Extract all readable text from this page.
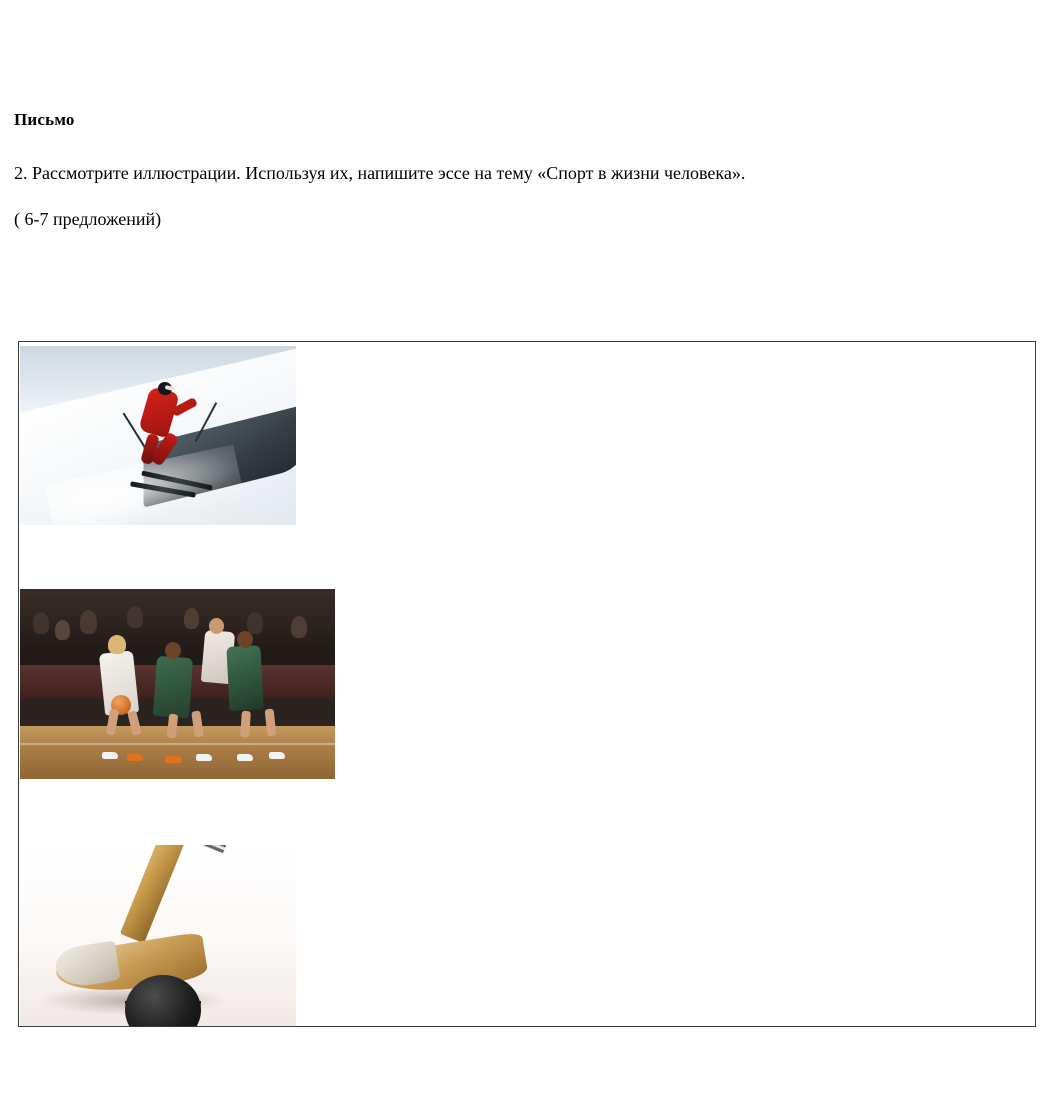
Письмо
2. Рассмотрите иллюстрации. Используя их, напишите эссе на тему «Спорт в жизни человека».
( 6-7 предложений)
